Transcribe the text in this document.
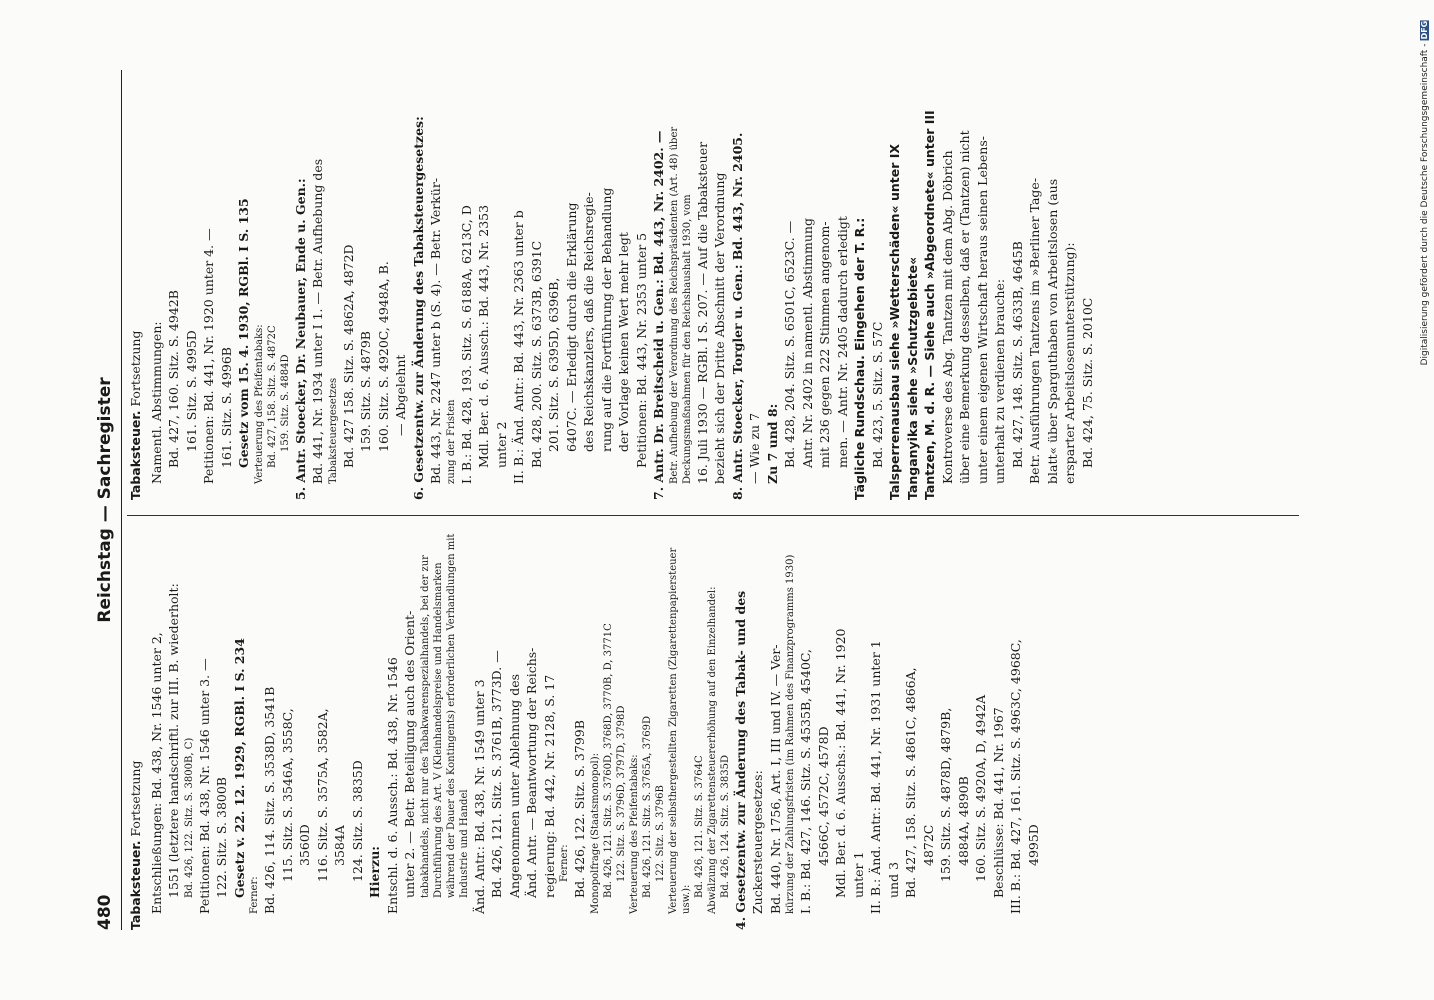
480
Reichstag — Sachregister
Tabaksteuer. Fortsetzung Entschließungen: Bd. 438, Nr. 1546 unter 2, 1551 (letztere handschriftl. zur III. B. wiederholt: Bd. 426, 122. Sitz. S. 3800B, C) Petitionen: Bd. 438, Nr. 1546 unter 3. — 122. Sitz. S. 3800B Gesetz v. 22. 12. 1929, RGBl. I S. 234 Ferner: Bd. 426, 114. Sitz. S. 3538D, 3541B 115. Sitz. S. 3546A, 3558C, 3560D 116. Sitz. S. 3575A, 3582A, 3584A 124. Sitz. S. 3835D Hierzu: Entschl. d. 6. Aussch.: Bd. 438, Nr. 1546 unter 2. — Betr. Beteiligung auch des Orient- tabakhandels, nicht nur des Tabakwarenspezialhandels, bei der zur Durchführung des Art. V (Kleinhandelspreise und Handelsmarken während der Dauer des Kontingents) erforderlichen Verhandlungen mit Industrie und Handel Änd. Antr.: Bd. 438, Nr. 1549 unter 3 Bd. 426, 121. Sitz. S. 3761B, 3773D. — Angenommen unter Ablehnung des Änd. Antr. — Beantwortung der Reichs- regierung: Bd. 442, Nr. 2128, S. 17 Ferner: Bd. 426, 122. Sitz. S. 3799B Monopolfrage (Staatsmonopol): Bd. 426, 121. Sitz. S. 3760D, 3768D, 3770B, D, 3771C 122. Sitz. S. 3796D, 3797D, 3798D Verteuerung des Pfeifentabaks: Bd. 426, 121. Sitz. S. 3765A, 3769D 122. Sitz. S. 3796B Verteuerung der selbsthergestellten Zigaretten (Zigarettenpapiersteuer usw.):
Bd. 426, 121. Sitz. S. 3764C Abwälzung der Zigarettensteuererhöhung auf den Einzelhandel: Bd. 426, 124. Sitz. S. 3835D 4. Gesetzentw. zur Änderung des Tabak- und des Zuckersteuergesetzes: Bd. 440, Nr. 1756, Art. I, III und IV. — Ver- kürzung der Zahlungsfristen (im Rahmen des Finanzprogramms 1930) I. B.: Bd. 427, 146. Sitz. S. 4535B, 4540C, 4566C, 4572C, 4578D Mdl. Ber. d. 6. Ausschs.: Bd. 441, Nr. 1920 unter 1 II. B.: Änd. Antr.: Bd. 441, Nr. 1931 unter 1 und 3 Bd. 427, 158. Sitz. S. 4861C, 4866A, 4872C 159. Sitz. S. 4878D, 4879B, 4884A, 4890B 160. Sitz. S. 4920A, D, 4942A Beschlüsse: Bd. 441, Nr. 1967 III. B.: Bd. 427, 161. Sitz. S. 4963C, 4968C, 4995D
Tabaksteuer. Fortsetzung Namentl. Abstimmungen: Bd. 427, 160. Sitz. S. 4942B 161. Sitz. S. 4995D Petitionen: Bd. 441, Nr. 1920 unter 4. — 161. Sitz. S. 4996B Gesetz vom 15. 4. 1930, RGBl. I S. 135 Verteuerung des Pfeifentabaks: Bd. 427, 158. Sitz. S. 4872C 159. Sitz. S. 4884D 5. Antr. Stoecker, Dr. Neubauer, Ende u. Gen.: Bd. 441, Nr. 1934 unter I 1. — Betr. Aufhebung des Tabaksteuergesetzes Bd. 427 158. Sitz. S. 4862A, 4872D 159. Sitz. S. 4879B 160. Sitz. S. 4920C, 4948A, B. — Abgelehnt 6. Gesetzentw. zur Änderung des Tabaksteuergesetzes: Bd. 443, Nr. 2247 unter b (S. 4). — Betr. Verkür- zung der Fristen I. B.: Bd. 428, 193. Sitz. S. 6188A, 6213C, D Mdl. Ber. d. 6. Aussch.: Bd. 443, Nr. 2353 unter 2 II. B.: Änd. Antr.: Bd. 443, Nr. 2363 unter b Bd. 428, 200. Sitz. S. 6373B, 6391C 201. Sitz. S. 6395D, 6396B, 6407C. — Erledigt durch die Erklärung des Reichskanzlers, daß die Reichsregie- rung auf die Fortführung der Behandlung der Vorlage keinen Wert mehr legt Petitionen: Bd. 443, Nr. 2353 unter 5 7. Antr. Dr. Breitscheid u. Gen.: Bd. 443, Nr. 2402. — Betr. Aufhebung der Verordnung des Reichspräsidenten (Art. 48) über Deckungsmaßnahmen für den Reichshaushalt 1930, vom 16. Juli 1930 — RGBl. I S. 207. — Auf die Tabaksteuer bezieht sich der Dritte Abschnitt der Verordnung 8. Antr. Stoecker, Torgler u. Gen.: Bd. 443, Nr. 2405. — Wie zu 7 Zu 7 und 8: Bd. 428, 204. Sitz. S. 6501C, 6523C. — Antr. Nr. 2402 in namentl. Abstimmung mit 236 gegen 222 Stimmen angenom- men. — Antr. Nr. 2405 dadurch erledigt Tägliche Rundschau. Eingehen der T. R.: Bd. 423, 5. Sitz. S. 57C Talsperrenausbau siehe »Wetterschäden« unter IX Tanganyika siehe »Schutzgebiete« Tantzen, M. d. R. — Siehe auch »Abgeordnete« unter III Kontroverse des Abg. Tantzen mit dem Abg. Döbrich über eine Bemerkung desselben, daß er (Tantzen) nicht unter einem eigenen Wirtschaft heraus seinen Lebens- unterhalt zu verdienen brauche: Bd. 427, 148. Sitz. S. 4633B, 4645B Betr. Ausführungen Tantzens im »Berliner Tage- blatt« über Sparguthaben von Arbeitslosen (aus ersparter Arbeitslosenunterstützung): Bd. 424, 75. Sitz. S. 2010C
Digitalisierung gefördert durch die Deutsche Forschungsgemeinschaft - DFG
